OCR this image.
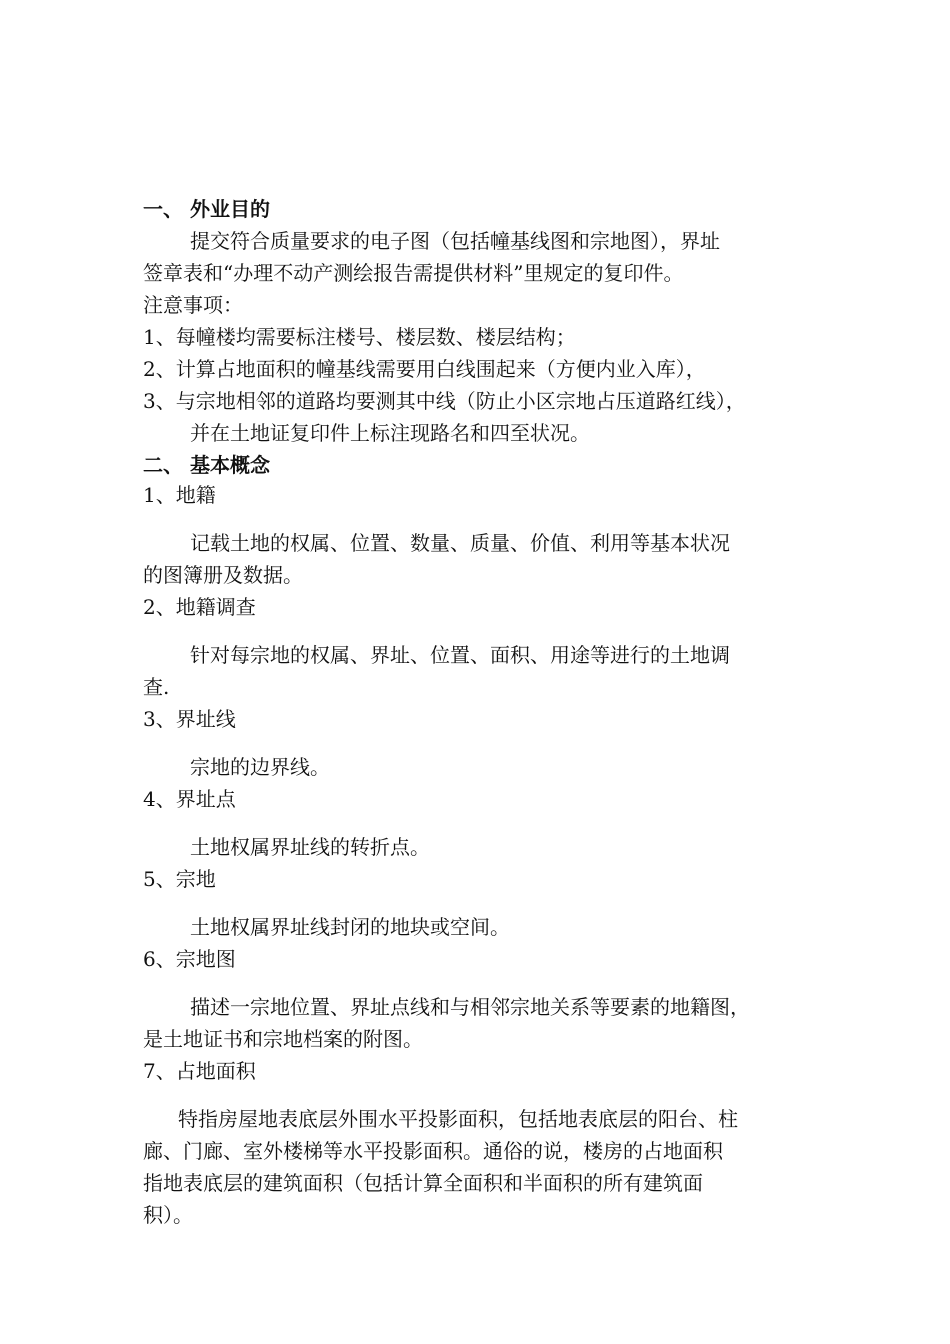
一、 外业目的
提交符合质量要求的电子图（包括幢基线图和宗地图），界址
签章表和“办理不动产测绘报告需提供材料”里规定的复印件。
注意事项：
1、每幢楼均需要标注楼号、楼层数、楼层结构；
2、计算占地面积的幢基线需要用白线围起来（方便内业入库），
3、与宗地相邻的道路均要测其中线（防止小区宗地占压道路红线），
并在土地证复印件上标注现路名和四至状况。
二、 基本概念
1、地籍
记载土地的权属、位置、数量、质量、价值、利用等基本状况
的图簿册及数据。
2、地籍调查
针对每宗地的权属、界址、位置、面积、用途等进行的土地调
查.
3、界址线
宗地的边界线。
4、界址点
土地权属界址线的转折点。
5、宗地
土地权属界址线封闭的地块或空间。
6、宗地图
描述一宗地位置、界址点线和与相邻宗地关系等要素的地籍图，
是土地证书和宗地档案的附图。
7、占地面积
特指房屋地表底层外围水平投影面积，包括地表底层的阳台、柱
廊、门廊、室外楼梯等水平投影面积。通俗的说，楼房的占地面积
指地表底层的建筑面积（包括计算全面积和半面积的所有建筑面
积）。
